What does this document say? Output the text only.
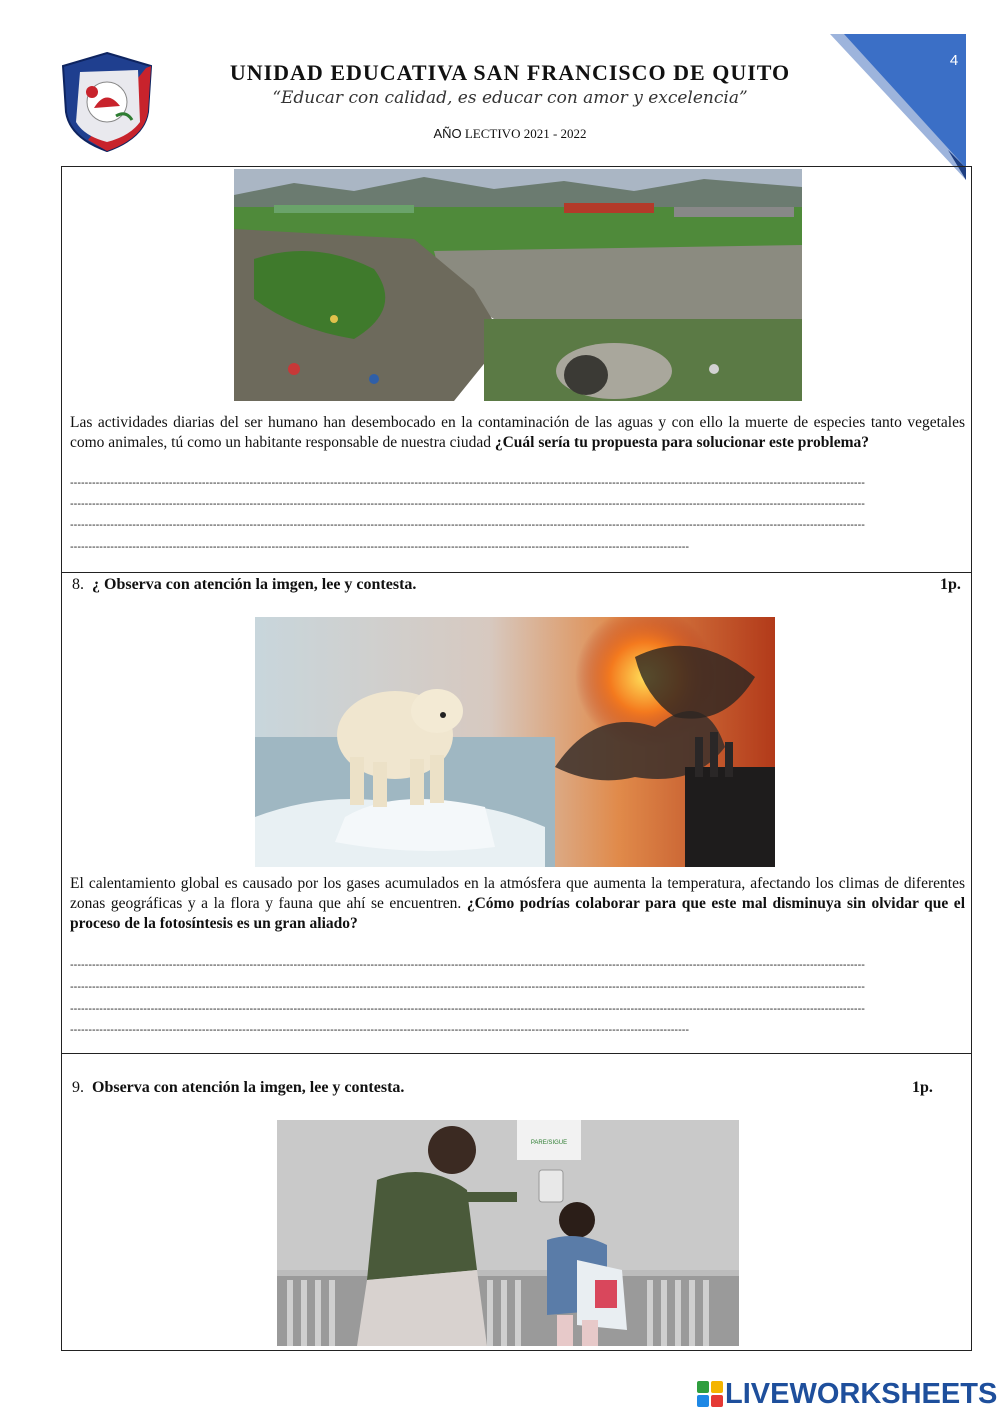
UNIDAD EDUCATIVA SAN FRANCISCO DE QUITO
“Educar con calidad, es educar con amor y excelencia”
AÑO LECTIVO 2021 - 2022
4
Las actividades diarias del ser humano han desembocado en la contaminación de las aguas y con ello la muerte de especies tanto vegetales como animales, tú como un habitante responsable de nuestra ciudad ¿Cuál sería tu propuesta para solucionar este problema?
-------------------------------------------------------------------------------------------------------------------------------------------------------------------------------------------------------------------------
-------------------------------------------------------------------------------------------------------------------------------------------------------------------------------------------------------------------------
-------------------------------------------------------------------------------------------------------------------------------------------------------------------------------------------------------------------------
-------------------------------------------------------------------------------------------------------------------------------------------------------------------------
8. ¿ Observa con atención la imgen, lee y contesta.	1p.
El calentamiento global es causado por los gases acumulados en la atmósfera que aumenta la temperatura, afectando los climas de diferentes zonas geográficas y a la flora y fauna que ahí se encuentren. ¿Cómo podrías colaborar para que este mal disminuya sin olvidar que el proceso de la fotosíntesis es un gran aliado?
-------------------------------------------------------------------------------------------------------------------------------------------------------------------------------------------------------------------------
-------------------------------------------------------------------------------------------------------------------------------------------------------------------------------------------------------------------------
-------------------------------------------------------------------------------------------------------------------------------------------------------------------------------------------------------------------------
-------------------------------------------------------------------------------------------------------------------------------------------------------------------------
9. Observa con atención la imgen, lee y contesta.	1p.
PARE/SIGUE
LIVEWORKSHEETS
